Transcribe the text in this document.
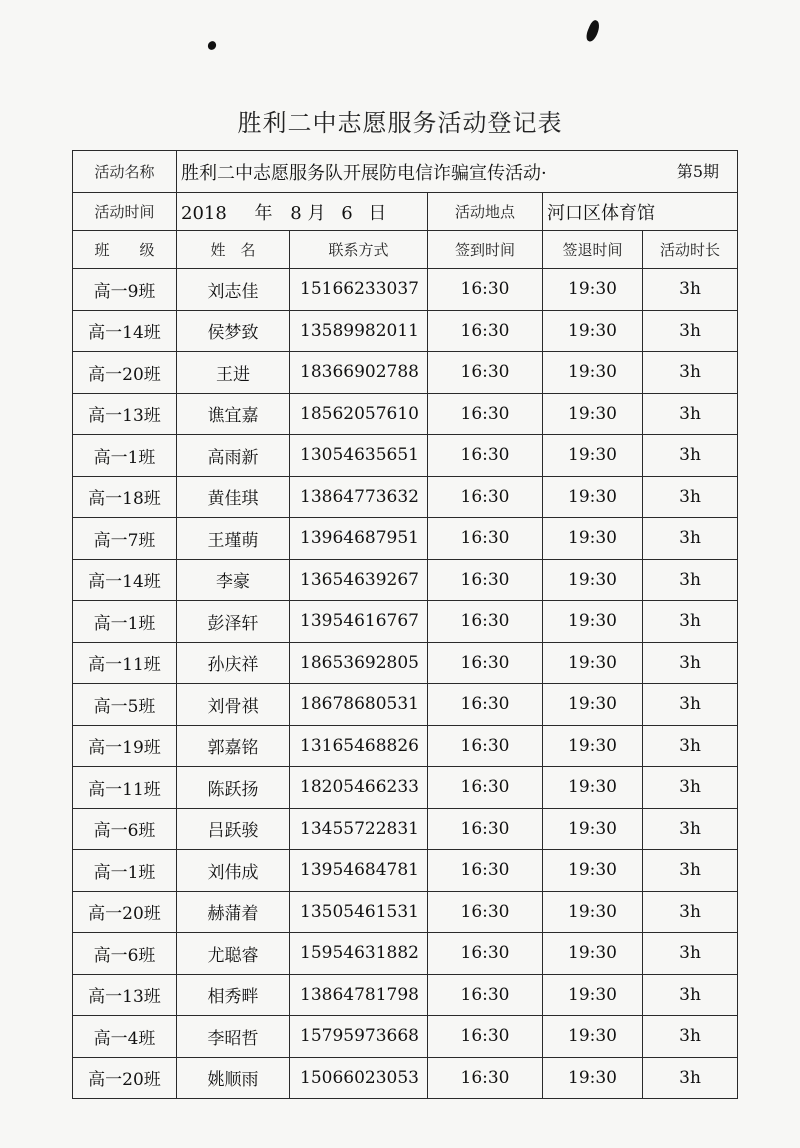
胜利二中志愿服务活动登记表
活动名称	胜利二中志愿服务队开展防电信诈骗宣传活动· 第5期				

活动时间	2018 年 8 月 6 日		活动地点	河口区体育馆	
班　　级	姓　名	联系方式	签到时间	签退时间	活动时长
高一9班	刘志佳	15166233037	16:30	19:30	3h
高一14班	侯梦致	13589982011	16:30	19:30	3h
高一20班	王进	18366902788	16:30	19:30	3h
高一13班	谯宜嘉	18562057610	16:30	19:30	3h
高一1班	高雨新	13054635651	16:30	19:30	3h
高一18班	黄佳琪	13864773632	16:30	19:30	3h
高一7班	王瑾萌	13964687951	16:30	19:30	3h
高一14班	李豪	13654639267	16:30	19:30	3h
高一1班	彭泽轩	13954616767	16:30	19:30	3h
高一11班	孙庆祥	18653692805	16:30	19:30	3h
高一5班	刘骨祺	18678680531	16:30	19:30	3h
高一19班	郭嘉铭	13165468826	16:30	19:30	3h
高一11班	陈跃扬	18205466233	16:30	19:30	3h
高一6班	吕跃骏	13455722831	16:30	19:30	3h
高一1班	刘伟成	13954684781	16:30	19:30	3h
高一20班	赫蒲着	13505461531	16:30	19:30	3h
高一6班	尤聪睿	15954631882	16:30	19:30	3h
高一13班	相秀畔	13864781798	16:30	19:30	3h
高一4班	李昭哲	15795973668	16:30	19:30	3h
高一20班	姚顺雨	15066023053	16:30	19:30	3h
